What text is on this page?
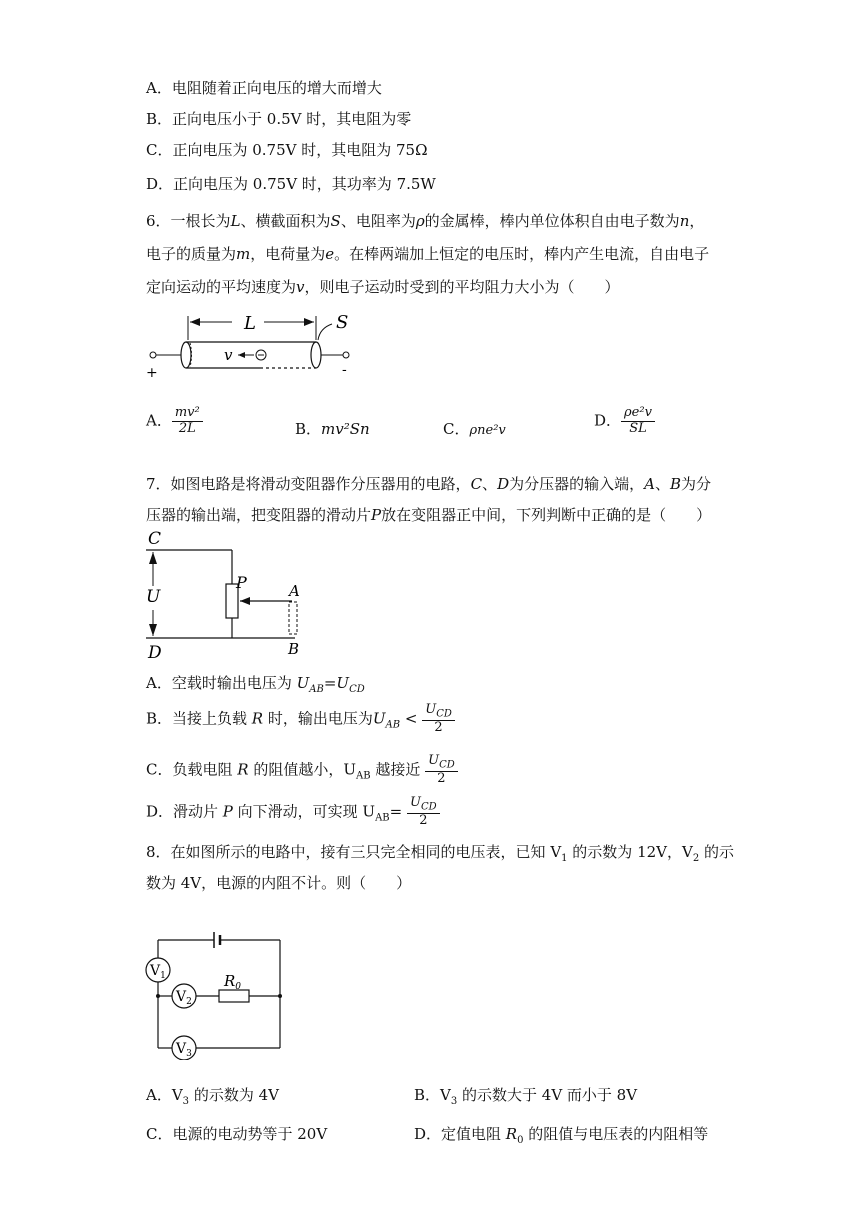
A．电阻随着正向电压的增大而增大
B．正向电压小于 0.5V 时，其电阻为零
C．正向电压为 0.75V 时，其电阻为 75Ω
D．正向电压为 0.75V 时，其功率为 7.5W
6．一根长为L、横截面积为S、电阻率为ρ的金属棒，棒内单位体积自由电子数为n，
电子的质量为m，电荷量为e。在棒两端加上恒定的电压时，棒内产生电流，自由电子
定向运动的平均速度为v，则电子运动时受到的平均阻力大小为（　　）
L	S
+	-
v
A． $\frac{\text{mv²}}{2L}$	B．mv²Sn	C．ρne²v
D． $\frac{\text{ρe²v}}{SL}$
7．如图电路是将滑动变阻器作分压器用的电路，C、D为分压器的输入端，A、B为分
压器的输出端，把变阻器的滑动片P放在变阻器正中间，下列判断中正确的是（　　）
C
D
U
P	A
B
A．空载时输出电压为 $U_{AB}=U_{CD}$
B．当接上负载 R 时，输出电压为$U_{AB} < \frac{U_{CD}}{2}$
C．负载电阻 R 的阻值越小，$U_{AB}$ 越接近 $\frac{U_{CD}}{2}$
D．滑动片 P 向下滑动，可实现 $U_{AB}= \frac{U_{CD}}{2}$
8．在如图所示的电路中，接有三只完全相同的电压表，已知 $V_1$ 的示数为 12V，$V_2$ 的示
数为 4V，电源的内阻不计。则（　　）
$V_1$
$V_2$
$R_0$
$V_3$
A．$V_3$ 的示数为 4V	B．$V_3$ 的示数大于 4V 而小于 8V
C．电源的电动势等于 20V	D．定值电阻 $R_0$ 的阻值与电压表的内阻相等
